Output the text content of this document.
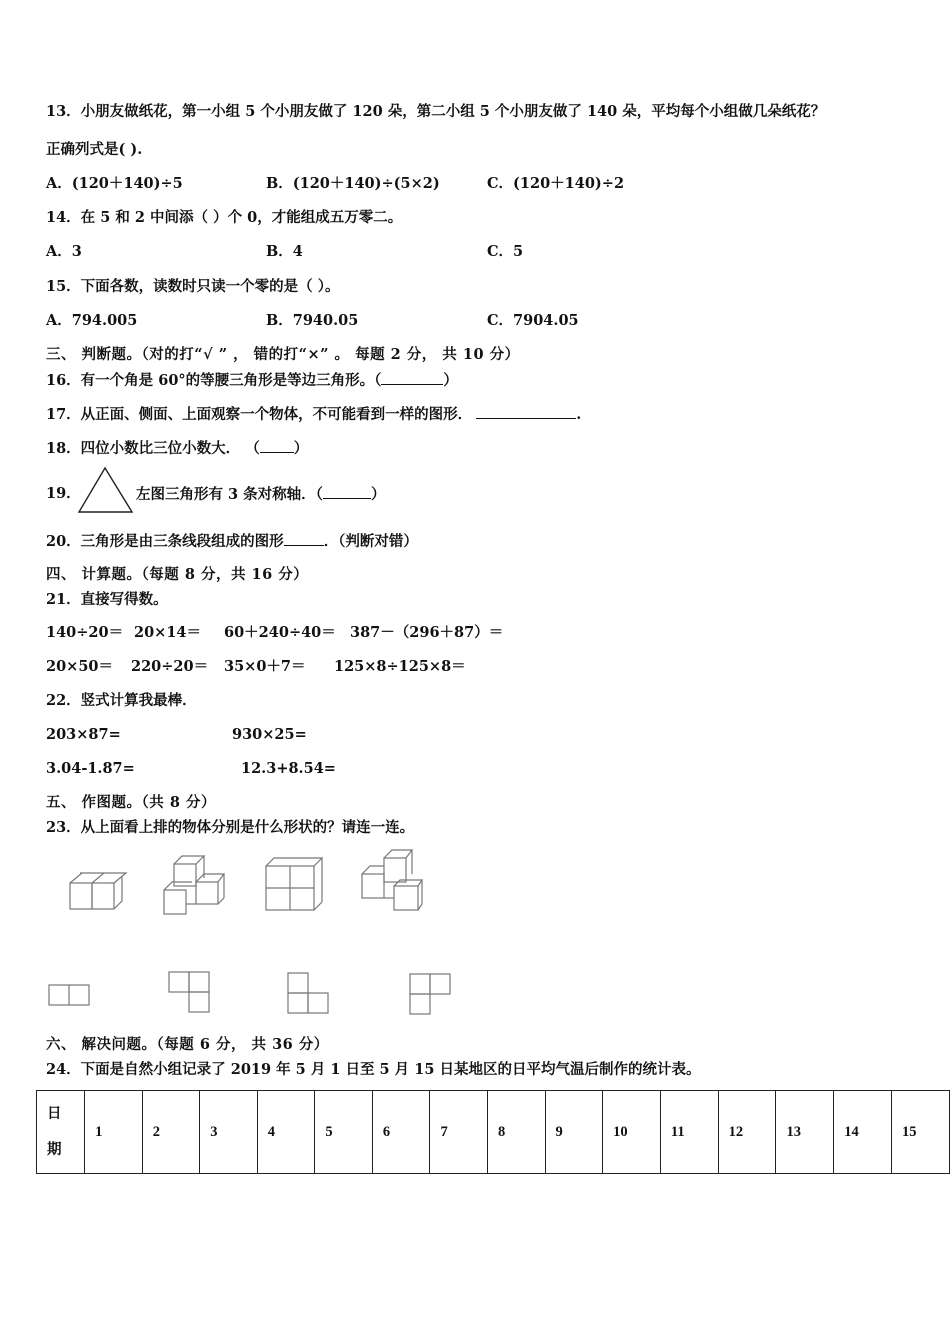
13．小朋友做纸花，第一小组 5 个小朋友做了 120 朵，第二小组 5 个小朋友做了 140 朵，平均每个小组做几朵纸花？
正确列式是( ).
A．(120＋140)÷5	B．(120＋140)÷(5×2)	C．(120＋140)÷2
14．在 5 和 2 中间添（ ）个 0，才能组成五万零二。
A．3	B．4	C．5
15．下面各数，读数时只读一个零的是（ ）。
A．794.005	B．7940.05	C．7904.05
三、 判断题。（对的打“√ ” ， 错的打“×” 。 每题 2 分， 共 10 分）
16．有一个角是 60°的等腰三角形是等边三角形。（	）
17．从正面、侧面、上面观察一个物体，不可能看到一样的图形．	.
18．四位小数比三位小数大． （ ）
19．	左图三角形有 3 条对称轴．（	）
20．三角形是由三条线段组成的图形	．（判断对错）
四、 计算题。（每题 8 分，共 16 分）
21．直接写得数。
140÷20＝ 20×14＝ 60＋240÷40＝ 387－（296＋87）＝
20×50＝ 220÷20＝ 35×0＋7＝ 125×8÷125×8＝
22．竖式计算我最棒．
203×87=	930×25=
3.04-1.87=	12.3+8.54=
五、 作图题。（共 8 分）
23．从上面看上排的物体分别是什么形状的？请连一连。
六、 解决问题。（每题 6 分， 共 36 分）
24．下面是自然小组记录了 2019 年 5 月 1 日至 5 月 15 日某地区的日平均气温后制作的统计表。
日
期	1	2	3	4	5	6	7	8	9	10	11	12	13	14	15
